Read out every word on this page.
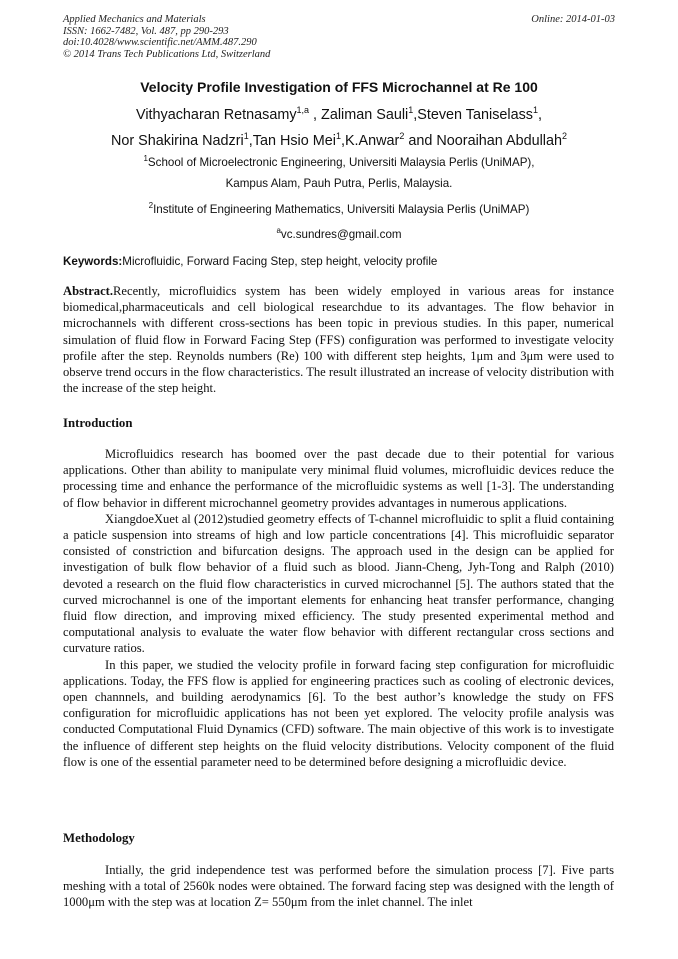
Applied Mechanics and Materials
ISSN: 1662-7482, Vol. 487, pp 290-293
doi:10.4028/www.scientific.net/AMM.487.290
© 2014 Trans Tech Publications Ltd, Switzerland
Online: 2014-01-03
Velocity Profile Investigation of FFS Microchannel at Re 100
Vithyacharan Retnasamy$^{1,a}$ , Zaliman Sauli$^1$,Steven Taniselass$^1$,
Nor Shakirina Nadzri$^1$,Tan Hsio Mei$^1$,K.Anwar$^2$ and Nooraihan Abdullah$^2$
$^1$School of Microelectronic Engineering, Universiti Malaysia Perlis (UniMAP),
Kampus Alam, Pauh Putra, Perlis, Malaysia.
$^2$Institute of Engineering Mathematics, Universiti Malaysia Perlis (UniMAP)
$^a$vc.sundres@gmail.com
Keywords:Microfluidic, Forward Facing Step, step height, velocity profile
Abstract.Recently, microfluidics system has been widely employed in various areas for instance biomedical,pharmaceuticals and cell biological researchdue to its advantages. The flow behavior in microchannels with different cross-sections has been topic in previous studies. In this paper, numerical simulation of fluid flow in Forward Facing Step (FFS) configuration was performed to investigate velocity profile after the step. Reynolds numbers (Re) 100 with different step heights, 1μm and 3μm were used to observe trend occurs in the flow characteristics. The result illustrated an increase of velocity distribution with the increase of the step height.
Introduction

Microfluidics research has boomed over the past decade due to their potential for various applications. Other than ability to manipulate very minimal fluid volumes, microfluidic devices reduce the processing time and enhance the performance of the microfluidic systems as well [1-3]. The understanding of flow behavior in different microchannel geometry provides advantages in numerous applications.

XiangdoeXuet al (2012)studied geometry effects of T-channel microfluidic to split a fluid containing a paticle suspension into streams of high and low particle concentrations [4]. This microfluidic separator consisted of constriction and bifurcation designs. The approach used in the design can be applied for investigation of bulk flow behavior of a fluid such as blood. Jiann-Cheng, Jyh-Tong and Ralph (2010) devoted a research on the fluid flow characteristics in curved microchannel [5]. The authors stated that the curved microchannel is one of the important elements for enhancing heat transfer performance, changing fluid flow direction, and improving mixed efficiency. The study presented experimental method and computational analysis to evaluate the water flow behavior with different rectangular cross sections and curvature ratios.

In this paper, we studied the velocity profile in forward facing step configuration for microfluidic applications. Today, the FFS flow is applied for engineering practices such as cooling of electronic devices, open channnels, and building aerodynamics [6]. To the best author’s knowledge the study on FFS configuration for microfluidic applications has not been yet explored. The velocity profile analysis was conducted Computational Fluid Dynamics (CFD) software. The main objective of this work is to investigate the influence of different step heights on the fluid velocity distributions. Velocity component of the fluid flow is one of the essential parameter need to be determined before designing a microfluidic device.

Methodology

Intially, the grid independence test was performed before the simulation process [7]. Five parts meshing with a total of 2560k nodes were obtained. The forward facing step was designed with the length of 1000μm with the step was at location Z= 550μm from the inlet channel. The inlet
